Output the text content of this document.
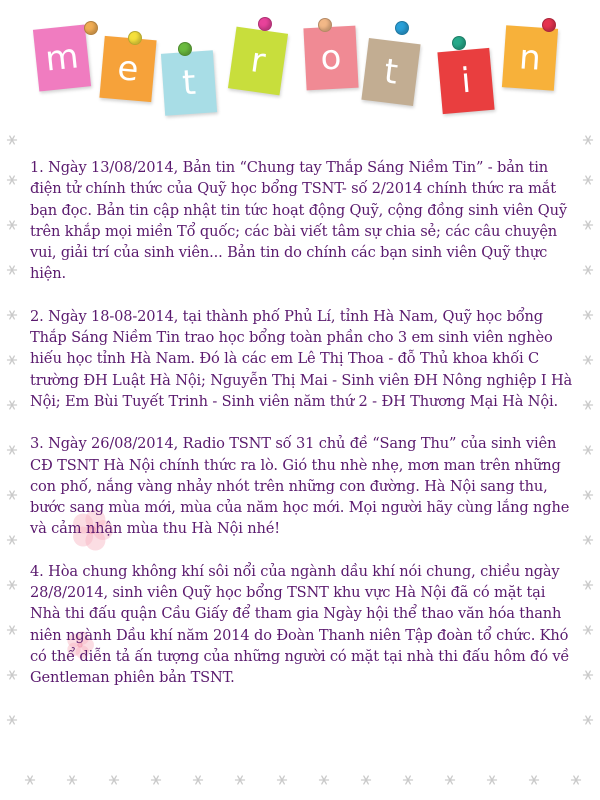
m e t
r o t i
n

1. Ngày 13/08/2014, Bản tin “Chung tay Thắp Sáng Niềm Tin” - bản tin điện tử chính thức của Quỹ học bổng TSNT- số 2/2014 chính thức ra mắt bạn đọc. Bản tin cập nhật tin tức hoạt động Quỹ, cộng đồng sinh viên Quỹ trên khắp mọi miền Tổ quốc; các bài viết tâm sự chia sẻ; các câu chuyện vui, giải trí của sinh viên... Bản tin do chính các bạn sinh viên Quỹ thực hiện.

2. Ngày 18-08-2014, tại thành phố Phủ Lí, tỉnh Hà Nam, Quỹ học bổng Thắp Sáng Niềm Tin trao học bổng toàn phần cho 3 em sinh viên nghèo hiếu học tỉnh Hà Nam. Đó là các em Lê Thị Thoa - đỗ Thủ khoa khối C trường ĐH Luật Hà Nội; Nguyễn Thị Mai - Sinh viên ĐH Nông nghiệp I Hà Nội; Em Bùi Tuyết Trinh - Sinh viên năm thứ 2 - ĐH Thương Mại Hà Nội.

3. Ngày 26/08/2014, Radio TSNT số 31 chủ đề “Sang Thu” của sinh viên CĐ TSNT Hà Nội chính thức ra lò. Gió thu nhè nhẹ, mơn man trên những con phố, nắng vàng nhảy nhót trên những con đường. Hà Nội sang thu, bước sang mùa mới, mùa của năm học mới. Mọi người hãy cùng lắng nghe và cảm nhận mùa thu Hà Nội nhé!

4. Hòa chung không khí sôi nổi của ngành dầu khí nói chung, chiều ngày 28/8/2014, sinh viên Quỹ học bổng TSNT khu vực Hà Nội đã có mặt tại Nhà thi đấu quận Cầu Giấy để tham gia Ngày hội thể thao văn hóa thanh niên ngành Dầu khí năm 2014 do Đoàn Thanh niên Tập đoàn tổ chức. Khó có thể diễn tả ấn tượng của những người có mặt tại nhà thi đấu hôm đó về Gentleman phiên bản TSNT.
